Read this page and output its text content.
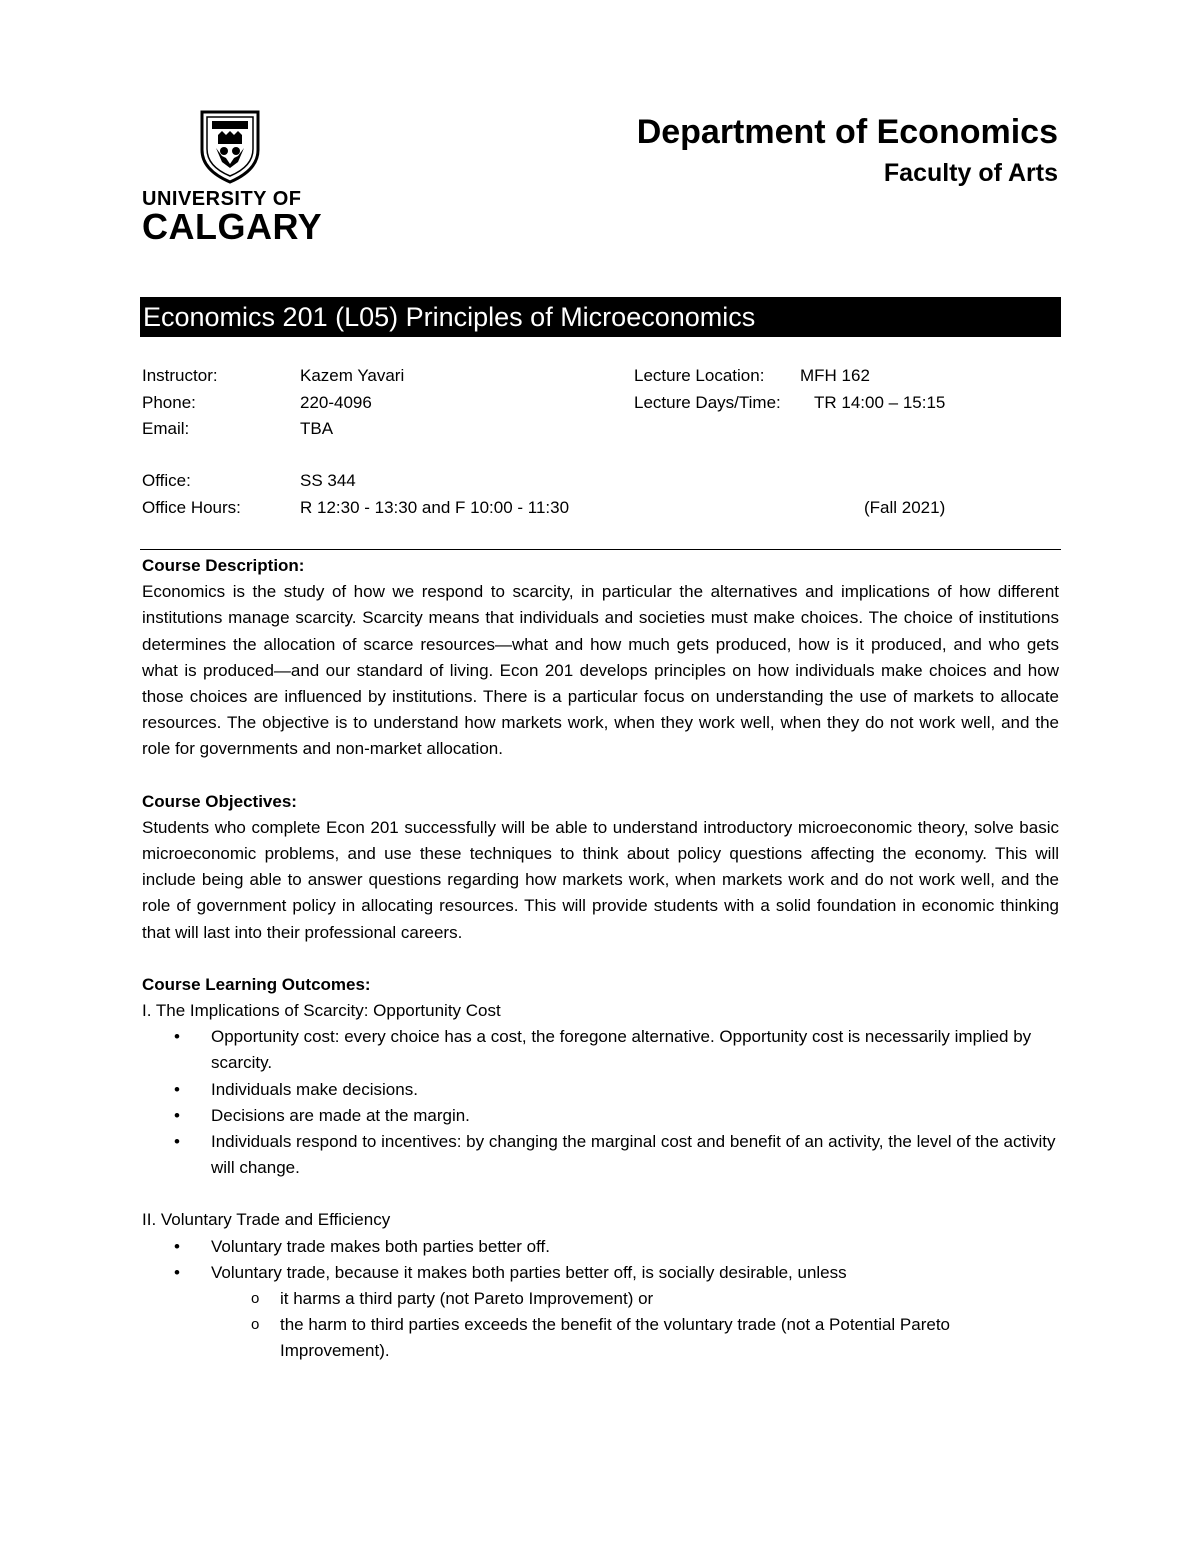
UNIVERSITY OF
CALGARY
Department of Economics
Faculty of Arts
Economics 201 (L05) Principles of Microeconomics
Instructor:	Kazem Yavari	Lecture Location: MFH 162
Phone:	220-4096	Lecture Days/Time: TR 14:00 – 15:15
Email:	TBA
Office:	SS 344
Office Hours:	R 12:30 - 13:30 and F 10:00 - 11:30	(Fall 2021)
Course Description:

Economics is the study of how we respond to scarcity, in particular the alternatives and implications of how different institutions manage scarcity. Scarcity means that individuals and societies must make choices. The choice of institutions determines the allocation of scarce resources—what and how much gets produced, how is it produced, and who gets what is produced—and our standard of living. Econ 201 develops principles on how individuals make choices and how those choices are influenced by institutions. There is a particular focus on understanding the use of markets to allocate resources. The objective is to understand how markets work, when they work well, when they do not work well, and the role for governments and non-market allocation.

Course Objectives:

Students who complete Econ 201 successfully will be able to understand introductory microeconomic theory, solve basic microeconomic problems, and use these techniques to think about policy questions affecting the economy. This will include being able to answer questions regarding how markets work, when markets work and do not work well, and the role of government policy in allocating resources. This will provide students with a solid foundation in economic thinking that will last into their professional careers.

Course Learning Outcomes:
I. The Implications of Scarcity: Opportunity Cost
• Opportunity cost: every choice has a cost, the foregone alternative. Opportunity cost is necessarily implied by scarcity.
• Individuals make decisions.
• Decisions are made at the margin.
• Individuals respond to incentives: by changing the marginal cost and benefit of an activity, the level of the activity will change.
II. Voluntary Trade and Efficiency
• Voluntary trade makes both parties better off.
• Voluntary trade, because it makes both parties better off, is socially desirable, unless
o it harms a third party (not Pareto Improvement) or
o the harm to third parties exceeds the benefit of the voluntary trade (not a Potential Pareto Improvement).
